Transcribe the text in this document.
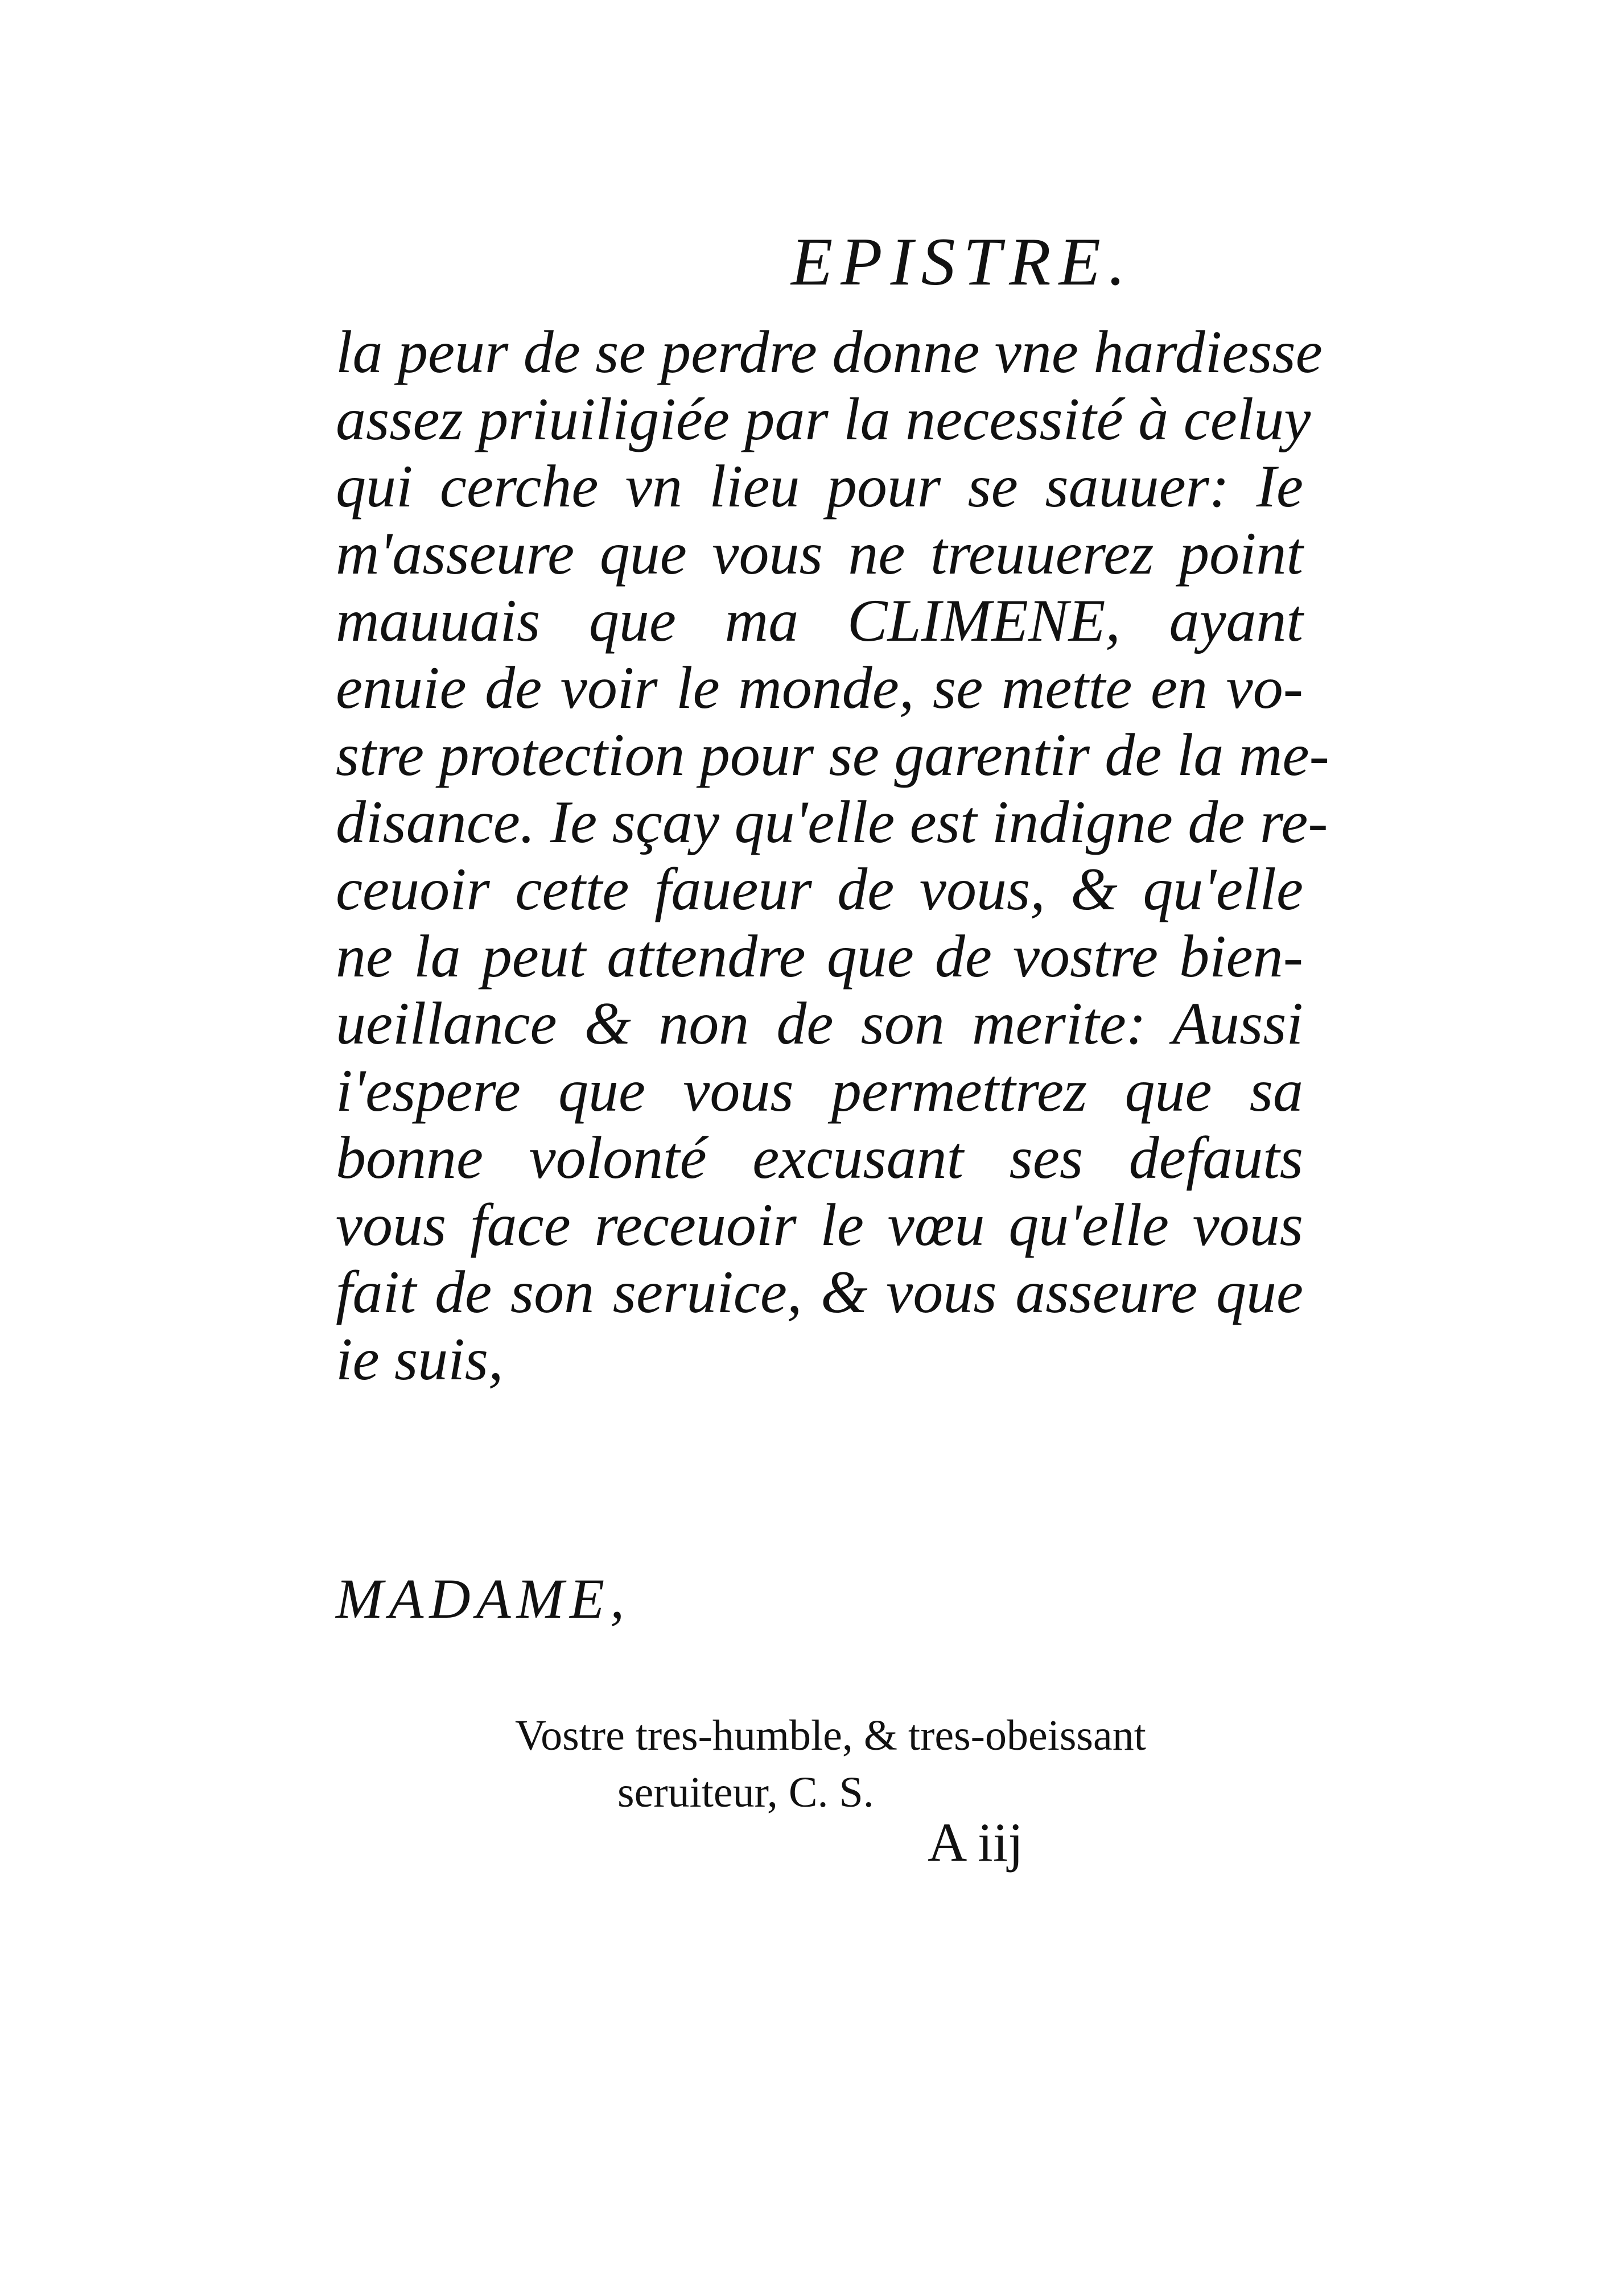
EPISTRE.
la peur de se perdre donne vne hardiesse
assez priuiligiée par la necessité à celuy
qui cerche vn lieu pour se sauuer: Ie
m'asseure que vous ne treuuerez point
mauuais que ma CLIMENE, ayant
enuie de voir le monde, se mette en vo-
stre protection pour se garentir de la me-
disance. Ie sçay qu'elle est indigne de re-
ceuoir cette faueur de vous, & qu'elle
ne la peut attendre que de vostre bien-
ueillance & non de son merite: Aussi
i'espere que vous permettrez que sa
bonne volonté excusant ses defauts
vous face receuoir le vœu qu'elle vous
fait de son seruice, & vous asseure que
ie suis,
MADAME,
Vostre tres-humble, & tres-obeissant
seruiteur, C. S.
A iij
